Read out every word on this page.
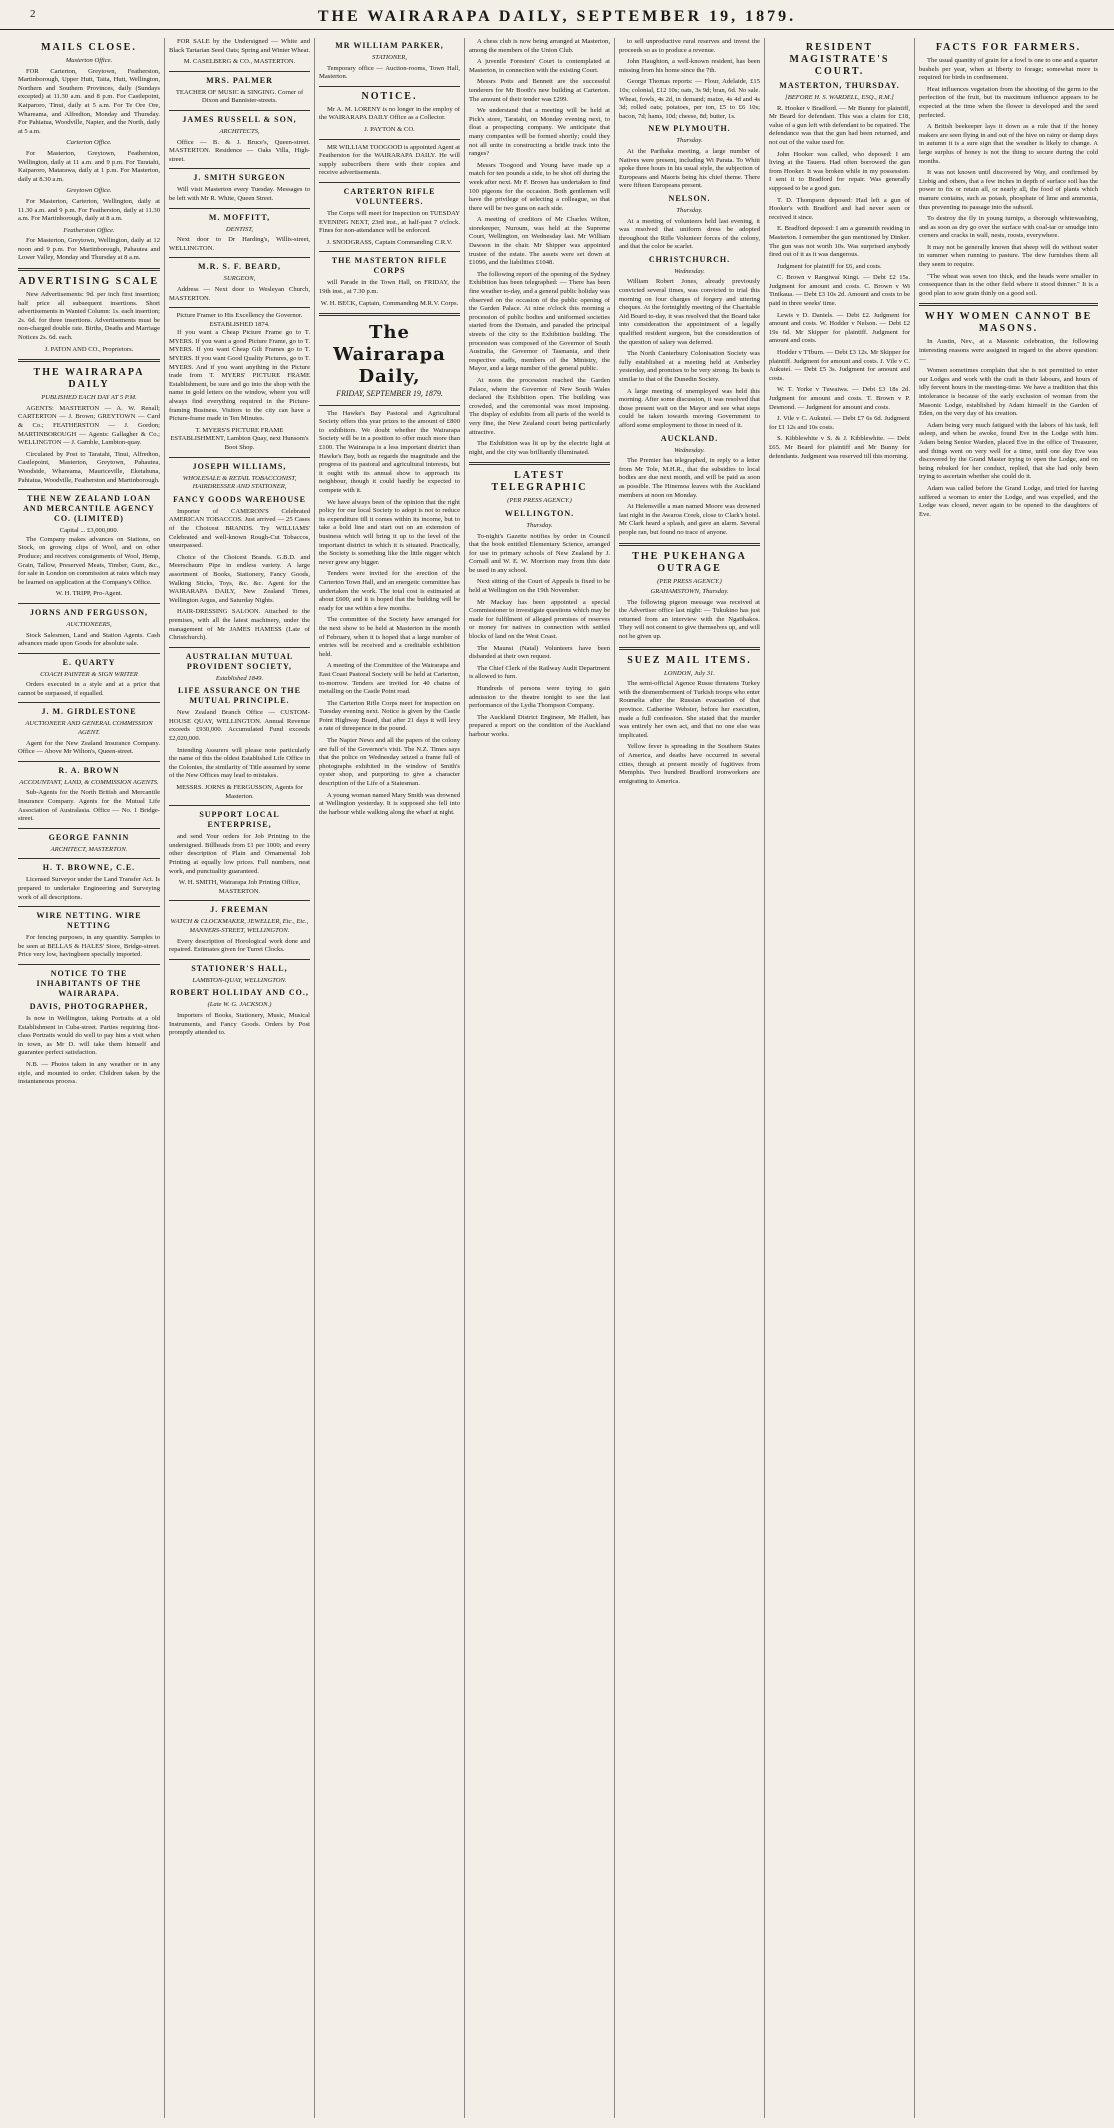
2	THE WAIRARAPA DAILY, SEPTEMBER 19, 1879.
MAILS CLOSE.
Masterton Office.

FOR Carterton, Greytown, Featherston, Martinborough, Upper Hutt, Taita, Hutt, Wellington, Northern and Southern Provinces, daily (Sundays excepted) at 11.30 a.m. and 8 p.m. For Castlepoint, Kaiparoro, Tinui, daily at 5 a.m. For Te Ore Ore, Whareama, and Alfredton, Monday and Thursday. For Pahiatua, Woodville, Napier, and the North, daily at 5 a.m.

Carterton Office.

For Masterton, Greytown, Featherston, Wellington, daily at 11 a.m. and 9 p.m. For Taratahi, Kaiparoro, Matarawa, daily at 1 p.m. For Masterton, daily at 8.30 a.m.

Greytown Office.

For Masterton, Carterton, Wellington, daily at 11.30 a.m. and 9 p.m. For Featherston, daily at 11.30 a.m. For Martinborough, daily at 8 a.m.

Featherston Office.

For Masterton, Greytown, Wellington, daily at 12 noon and 9 p.m. For Martinborough, Pahautea and Lower Valley, Monday and Thursday at 8 a.m.

ADVERTISING SCALE

New Advertisements: 9d. per inch first insertion; half price all subsequent insertions. Short advertisements in Wanted Column: 1s. each insertion; 2s. 6d. for three insertions. Advertisements must be non-charged double rate. Births, Deaths and Marriage Notices 2s. 6d. each.

J. PATON AND CO., Proprietors.
THE WAIRARAPA DAILY
PUBLISHED EACH DAY AT 5 P.M.

AGENTS: MASTERTON — A. W. Renall; CARTERTON — J. Brown; GREYTOWN — Card & Co.; FEATHERSTON — J. Gordon; MARTINBOROUGH — Agents: Gallagher & Co.; WELLINGTON — J. Gamble, Lambton-quay.

Circulated by Post to Taratahi, Tinui, Alfredton, Castlepoint, Masterton, Greytown, Pahautea, Woodside, Whareama, Mauriceville, Eketahuna, Pahiatua, Woodville, Featherston and Martinborough.

THE NEW ZEALAND LOAN AND MERCANTILE AGENCY CO. (LIMITED)
Capital ... £3,000,000.

The Company makes advances on Stations, on Stock, on growing clips of Wool, and on other Produce; and receives consignments of Wool, Hemp, Grain, Tallow, Preserved Meats, Timber, Gum, &c., for sale in London on commission at rates which may be learned on application at the Company's Office.

W. H. TRIPP, Pro-Agent.
JORNS AND FERGUSSON,
AUCTIONEERS,

Stock Salesmen, Land and Station Agents. Cash advances made upon Goods for absolute sale.

E. QUARTY
COACH PAINTER & SIGN WRITER

Orders executed in a style and at a price that cannot be surpassed, if equalled.

J. M. GIRDLESTONE
AUCTIONEER AND GENERAL COMMISSION AGENT.

Agent for the New Zealand Insurance Company. Office — Above Mr Wilton's, Queen-street.

R. A. BROWN
ACCOUNTANT, LAND, & COMMISSION AGENTS.

Sub-Agents for the North British and Mercantile Insurance Company. Agents for the Mutual Life Association of Australasia. Office — No. 1 Bridge-street.

GEORGE FANNIN
ARCHITECT, MASTERTON.
H. T. BROWNE, C.E.

Licensed Surveyor under the Land Transfer Act. Is prepared to undertake Engineering and Surveying work of all descriptions.

WIRE NETTING. WIRE NETTING

For fencing purposes, in any quantity. Samples to be seen at BELLAS & HALES' Store, Bridge-street. Price very low, havingbeen specially imported.

NOTICE TO THE INHABITANTS OF THE WAIRARAPA.
DAVIS, PHOTOGRAPHER,

Is now in Wellington, taking Portraits at a old Establishment in Cuba-street. Parties requiring first-class Portraits would do well to pay him a visit when in town, as Mr D. will take them himself and guarantee perfect satisfaction.

N.B. — Photos taken in any weather or in any style, and mounted to order. Children taken by the instantaneous process.

FOR SALE by the Undersigned — White and Black Tartarian Seed Oats; Spring and Winter Wheat.

M. CASELBERG & CO., MASTERTON.
MRS. PALMER
TEACHER OF MUSIC & SINGING. Corner of Dixon and Bannister-streets.
JAMES RUSSELL & SON,
ARCHITECTS,

Office — B. & J. Bruce's, Queen-street. MASTERTON. Residence — Oaks Villa, High-street.

J. SMITH SURGEON

Will visit Masterton every Tuesday. Messages to be left with Mr R. White, Queen Street.

M. MOFFITT,
DENTIST,

Next door to Dr Harding's, Willis-street, WELLINGTON.

M.R. S. F. BEARD,
SURGEON,

Address — Next door to Wesleyan Church, MASTERTON.

Picture Framer to His Excellency the Governor.
ESTABLISHED 1874.

If you want a Cheap Picture Frame go to T. MYERS. If you want a good Picture Frame, go to T. MYERS. If you want Cheap Gilt Frames go to T. MYERS. If you want Good Quality Pictures, go to T. MYERS. And if you want anything in the Picture trade from T. MYERS' PICTURE FRAME Establishment, be sure and go into the shop with the name in gold letters on the window, where you will always find everything required in the Picture-framing Business. Visitors to the city can have a Picture-frame made in Ten Minutes.

T. MYERS'S PICTURE FRAME ESTABLISHMENT, Lambton Quay, next Hunsom's Boot Shop.
JOSEPH WILLIAMS,
WHOLESALE & RETAIL TOBACCONIST, HAIRDRESSER AND STATIONER,
FANCY GOODS WAREHOUSE

Importer of CAMERON'S Celebrated AMERICAN TOBACCOS. Just arrived — 25 Cases of the Choicest BRANDS. Try WILLIAMS' Celebrated and well-known Rough-Cut Tobaccos, unsurpassed.

Choice of the Choicest Brands. G.B.D. and Meerschaum Pipe in endless variety. A large assortment of Books, Stationery, Fancy Goods, Walking Sticks, Toys, &c. &c. Agent for the WAIRARAPA DAILY, New Zealand Times, Wellington Argus, and Saturday Nights.

HAIR-DRESSING SALOON. Attached to the premises, with all the latest machinery, under the management of Mr JAMES HAMESS (Late of Christchurch).

AUSTRALIAN MUTUAL PROVIDENT SOCIETY,
Established 1849.
LIFE ASSURANCE ON THE MUTUAL PRINCIPLE.

New Zealand Branch Office — CUSTOM-HOUSE QUAY, WELLINGTON. Annual Revenue exceeds £930,000. Accumulated Fund exceeds £2,020,000.

Intending Assurers will please note particularly the name of this the oldest Established Life Office in the Colonies, the similarity of Title assumed by some of the New Offices may lead to mistakes.

MESSRS. JORNS & FERGUSSON, Agents for Masterton.
SUPPORT LOCAL ENTERPRISE,

and send Your orders for Job Printing to the undersigned. Billheads from £1 per 1000; and every other description of Plain and Ornamental Job Printing at equally low prices. Full numbers, neat work, and punctuality guaranteed.

W. H. SMITH, Wairarapa Job Printing Office, MASTERTON.
J. FREEMAN
WATCH & CLOCKMAKER, JEWELLER, Etc., Etc., MANNERS-STREET, WELLINGTON.

Every description of Horological work done and repaired. Estimates given for Turret Clocks.

STATIONER'S HALL,
LAMBTON-QUAY, WELLINGTON.
ROBERT HOLLIDAY AND CO.,
(Late W. G. JACKSON.)

Importers of Books, Stationery, Music, Musical Instruments, and Fancy Goods. Orders by Post promptly attended to.

MR WILLIAM PARKER,
STATIONER,

Temporary office — Auction-rooms, Town Hall, Masterton.

NOTICE.

Mr A. M. LORENY is no longer in the employ of the WAIRARAPA DAILY Office as a Collector.

J. PAYTON & CO.

MR WILLIAM TOOGOOD is appointed Agent at Featherston for the WAIRARAPA DAILY. He will supply subscribers there with their copies and receive advertisements.

CARTERTON RIFLE VOLUNTEERS.

The Corps will meet for Inspection on TUESDAY EVENING NEXT, 23rd inst., at half-past 7 o'clock. Fines for non-attendance will be enforced.

J. SNODGRASS, Captain Commanding C.R.V.
THE MASTERTON RIFLE CORPS

will Parade in the Town Hall, on FRIDAY, the 19th inst., at 7.30 p.m.

W. H. BECK, Captain, Commanding M.R.V. Corps.
The Wairarapa Daily,
FRIDAY, SEPTEMBER 19, 1879.

The Hawke's Bay Pastoral and Agricultural Society offers this year prizes to the amount of £800 to exhibitors. We doubt whether the Wairarapa Society will be in a position to offer much more than £100. The Wairarapa is a less important district than Hawke's Bay, both as regards the magnitude and the progress of its pastoral and agricultural interests, but it ought with its annual show to approach its neighbour, though it could hardly be expected to compete with it.

We have always been of the opinion that the right policy for our local Society to adopt is not to reduce its expenditure till it comes within its income, but to take a bold line and start out on an extension of business which will bring it up to the level of the important district in which it is situated. Practically, the Society is something like the little nigger which never grew any bigger.

Tenders were invited for the erection of the Carterton Town Hall, and an energetic committee has undertaken the work. The total cost is estimated at about £600, and it is hoped that the building will be ready for use within a few months.

The committee of the Society have arranged for the next show to be held at Masterton in the month of February, when it is hoped that a large number of entries will be received and a creditable exhibition held.

A meeting of the Committee of the Wairarapa and East Coast Pastoral Society will be held at Carterton, to-morrow. Tenders are invited for 40 chains of metalling on the Castle Point road.

The Carterton Rifle Corps meet for inspection on Tuesday evening next. Notice is given by the Castle Point Highway Board, that after 21 days it will levy a rate of threepence in the pound.

The Napier News and all the papers of the colony are full of the Governor's visit. The N.Z. Times says that the police on Wednesday seized a frame full of photographs exhibited in the window of Smith's oyster shop, and purporting to give a character description of the Life of a Statesman.

A young woman named Mary Smith was drowned at Wellington yesterday. It is supposed she fell into the harbour while walking along the wharf at night.

A chess club is now being arranged at Masterton, among the members of the Union Club.

A juvenile Foresters' Court is contemplated at Masterton, in connection with the existing Court.

Messrs Potts and Bennett are the successful tenderers for Mr Booth's new building at Carterton. The amount of their tender was £299.

We understand that a meeting will be held at Pick's store, Taratahi, on Monday evening next, to float a prospecting company. We anticipate that many companies will be formed shortly; could they not all unite in constructing a bridle track into the ranges?

Messrs Toogood and Young have made up a match for ten pounds a side, to be shot off during the week after next. Mr F. Brown has undertaken to find 100 pigeons for the occasion. Both gentlemen will have the privilege of selecting a colleague, so that there will be two guns on each side.

A meeting of creditors of Mr Charles Wilton, storekeeper, Nuroum, was held at the Supreme Court, Wellington, on Wednesday last. Mr William Dawson in the chair. Mr Shipper was appointed trustee of the estate. The assets were set down at £1096, and the liabilities £1048.

The following report of the opening of the Sydney Exhibition has been telegraphed: — There has been fine weather to-day, and a general public holiday was observed on the occasion of the public opening of the Garden Palace. At nine o'clock this morning a procession of public bodies and uniformed societies started from the Domain, and paraded the principal streets of the city to the Exhibition building. The procession was composed of the Governor of South Australia, the Governor of Tasmania, and their respective staffs, members of the Ministry, the Mayor, and a large number of the general public.

At noon the procession reached the Garden Palace, where the Governor of New South Wales declared the Exhibition open. The building was crowded, and the ceremonial was most imposing. The display of exhibits from all parts of the world is very fine, the New Zealand court being particularly attractive.

The Exhibition was lit up by the electric light at night, and the city was brilliantly illuminated.

LATEST TELEGRAPHIC
(PER PRESS AGENCY.)
WELLINGTON.
Thursday.

To-night's Gazette notifies by order in Council that the book entitled Elementary Science, arranged for use in primary schools of New Zealand by J. Cornall and W. E. W. Morrison may from this date be used in any school.

Next sitting of the Court of Appeals is fixed to be held at Wellington on the 19th November.

Mr Mackay has been appointed a special Commissioner to investigate questions which may be made for fulfilment of alleged promises of reserves or money for natives in connection with settled blocks of land on the West Coast.

The Maunsi (Natal) Volunteers have been disbanded at their own request.

The Chief Clerk of the Railway Audit Department is allowed to furn.

Hundreds of persons were trying to gain admission to the theatre tonight to see the last performance of the Lydia Thompson Company.

The Auckland District Engineer, Mr Hallett, has prepared a report on the condition of the Auckland harbour works.

to sell unproductive rural reserves and invest the proceeds so as to produce a revenue.

John Haughton, a well-known resident, has been missing from his home since the 7th.

George Thomas reports: — Flour, Adelaide, £15 10s; colonial, £12 10s; oats, 3s 9d; bran, 6d. No sale. Wheat, fowls, 4s 2d, in demand; maize, 4s 4d and 4s 3d; rolled oats; potatoes, per ton, £5 to £6 10s; bacon, 7d; hams, 10d; cheese, 8d; butter, 1s.

NEW PLYMOUTH.
Thursday.

At the Parihaka meeting, a large number of Natives were present, including Wi Parata. To Whiti spoke three hours in his usual style, the subjection of Europeans and Maoris being his chief theme. There were fifteen Europeans present.

NELSON.
Thursday.

At a meeting of volunteers held last evening, it was resolved that uniform dress be adopted throughout the Rifle Volunteer forces of the colony, and that the color be scarlet.

CHRISTCHURCH.
Wednesday.

William Robert Jones, already previously convicted several times, was convicted to trial this morning on four charges of forgery and uttering cheques. At the fortnightly meeting of the Charitable Aid Board to-day, it was resolved that the Board take into consideration the appointment of a legally qualified resident surgeon, but the consideration of the question of salary was deferred.

The North Canterbury Colonisation Society was fully established at a meeting held at Amberley yesterday, and promises to be very strong. Its basis is similar to that of the Dunedin Society.

A large meeting of unemployed was held this morning. After some discussion, it was resolved that those present wait on the Mayor and see what steps could be taken towards moving Government to afford some employment to those in need of it.

AUCKLAND.
Wednesday.

The Premier has telegraphed, in reply to a letter from Mr Tole, M.H.R., that the subsidies to local bodies are due next month, and will be paid as soon as possible. The Hinemoa leaves with the Auckland members at noon on Monday.

At Helensville a man named Moore was drowned last night in the Awaroa Creek, close to Clark's hotel. Mr Clark heard a splash, and gave an alarm. Several people ran, but found no trace of anyone.

THE PUKEHANGA OUTRAGE
(PER PRESS AGENCY.)
GRAHAMSTOWN, Thursday.

The following pigeon message was received at the Advertiser office last night: — Tukukino has just returned from an interview with the Ngatihakos. They will not consent to give themselves up, and will not be given up.

SUEZ MAIL ITEMS.
LONDON, July 31.

The semi-official Agence Russe threatens Turkey with the dismemberment of Turkish troops who enter Roumelia after the Russian evacuation of that province. Catherine Webster, before her execution, made a full confession. She stated that the murder was entirely her own act, and that no one else was implicated.

Yellow fever is spreading in the Southern States of America, and deaths have occurred in several cities, though at present mostly of fugitives from Memphis. Two hundred Bradford ironworkers are emigrating to America.

RESIDENT MAGISTRATE'S COURT.
MASTERTON, THURSDAY.
[BEFORE H. S. WARDELL, ESQ., R.M.]

R. Hooker v Bradford. — Mr Bunny for plaintiff, Mr Beard for defendant. This was a claim for £18, value of a gun left with defendant to be repaired. The defendance was that the gun had been returned, and not out of the value used for.

John Hooker was called, who deposed: I am living at the Taueru. Had often borrowed the gun from Hooker. It was broken while in my possession. I sent it to Bradford for repair. Was generally supposed to be a good gun.

T. D. Thompson deposed: Had left a gun of Hooker's with Bradford and had never seen or received it since.

E. Bradford deposed: I am a gunsmith residing in Masterton. I remember the gun mentioned by Dinker. The gun was not worth 10s. Was surprised anybody fired out of it as it was dangerous.

Judgment for plaintiff for £6, and costs.

C. Brown v Rangiwaí Kingi. — Debt £2 15s. Judgment for amount and costs. C. Brown v Wi Tinikaua. — Debt £3 10s 2d. Amount and costs to be paid in three weeks' time.

Lewis v D. Daniels. — Debt £2. Judgment for amount and costs. W. Hodder v Nelson. — Debt £2 19s 6d. Mr Skipper for plaintiff. Judgment for amount and costs.

Hodder v T'Iburn. — Debt £3 12s. Mr Skipper for plaintiff. Judgment for amount and costs. J. Vile v C. Aukuteí. — Debt £5 3s. Judgment for amount and costs.

W. T. Yorke v Tuwaiwa. — Debt £3 18s 2d. Judgment for amount and costs. T. Brown v P. Desmond. — Judgment for amount and costs.

J. Vile v C. Aukuteí. — Debt £7 6s 6d. Judgment for £1 12s and 10s costs.

S. Kibblewhite v S. & J. Kibblewhite. — Debt £65. Mr Beard for plaintiff and Mr Bunny for defendants. Judgment was reserved till this morning.

FACTS FOR FARMERS.

The usual quantity of grain for a fowl is one to one and a quarter bushels per year, when at liberty to forage; somewhat more is required for birds in confinement.

Heat influences vegetation from the shooting of the germ to the perfection of the fruit, but its maximum influence appears to be expected at the time when the flower is developed and the seed perfected.

A British beekeeper lays it down as a rule that if the honey makers are seen flying in and out of the hive on rainy or damp days in autumn it is a sure sign that the weather is likely to change. A large surplus of honey is not the thing to secure during the cold months.

It was not known until discovered by Way, and confirmed by Liebig and others, that a few inches in depth of surface soil has the power to fix or retain all, or nearly all, the food of plants which manure contains, such as potash, phosphate of lime and ammonia, thus preventing its passage into the subsoil.

To destroy the fly in young turnips, a thorough whitewashing, and as soon as dry go over the surface with coal-tar or smudge into corners and cracks in wall, nests, roosts, everywhere.

It may not be generally known that sheep will do without water in summer when running to pasture. The dew furnishes them all they seem to require.

"The wheat was sown too thick, and the heads were smaller in consequence than in the other field where it stood thinner." It is a good plan to sow grain thinly on a good soil.

WHY WOMEN CANNOT BE MASONS.

In Austin, Nev., at a Masonic celebration, the following interesting reasons were assigned in regard to the above question: —

Women sometimes complain that she is not permitted to enter our Lodges and work with the craft in their labours, and hours of idly fervent hours in the meeting-time. We have a tradition that this intolerance is because of the early exclusion of woman from the Masonic Lodge, established by Adam himself in the Garden of Eden, on the very day of his creation.

Adam being very much fatigued with the labors of his task, fell asleep, and when he awoke, found Eve in the Lodge with him. Adam being Senior Warden, placed Eve in the office of Treasurer, and things went on very well for a time, until one day Eve was discovered by the Grand Master trying to open the Lodge, and on being rebuked for her conduct, replied, that she had only been trying to ascertain whether she could do it.

Adam was called before the Grand Lodge, and tried for having suffered a woman to enter the Lodge, and was expelled, and the Lodge was closed, never again to be opened to the daughters of Eve.
